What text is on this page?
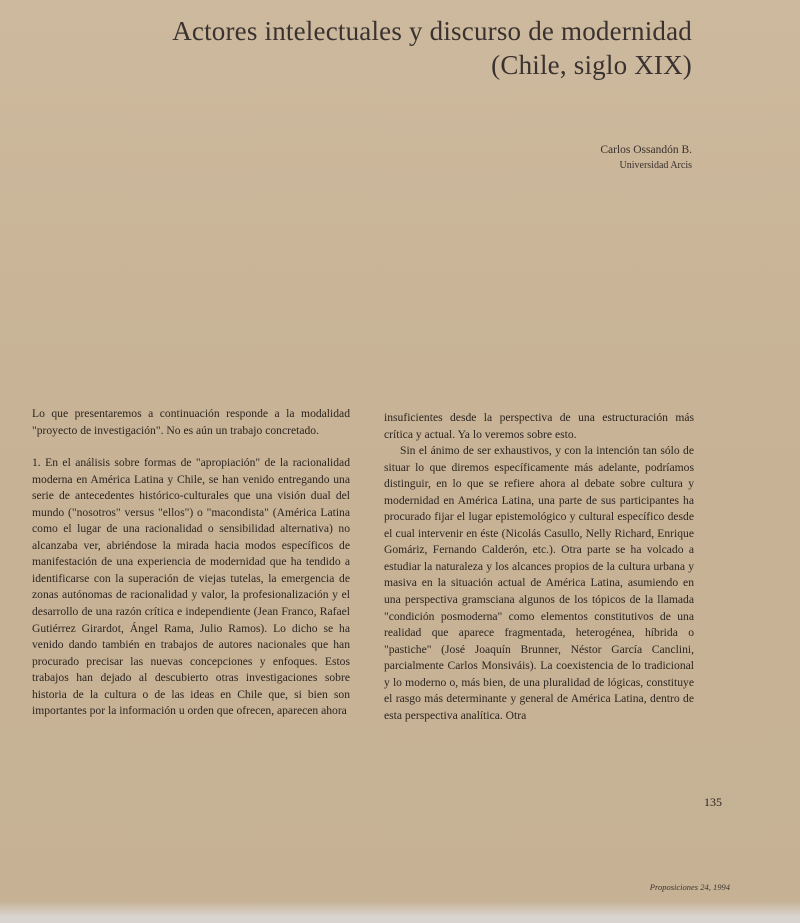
Actores intelectuales y discurso de modernidad
(Chile, siglo XIX)
Carlos Ossandón B.
Universidad Arcis

Lo que presentaremos a continuación responde a la modalidad "proyecto de investigación". No es aún un trabajo concretado.

1. En el análisis sobre formas de "apropiación" de la racionalidad moderna en América Latina y Chile, se han venido entregando una serie de antecedentes histórico-culturales que una visión dual del mundo ("nosotros" versus "ellos") o "macondista" (América Latina como el lugar de una racionalidad o sensibilidad alternativa) no alcanzaba ver, abriéndose la mirada hacia modos específicos de manifestación de una experiencia de modernidad que ha tendido a identificarse con la superación de viejas tutelas, la emergencia de zonas autónomas de racionalidad y valor, la profesionalización y el desarrollo de una razón crítica e independiente (Jean Franco, Rafael Gutiérrez Girardot, Ángel Rama, Julio Ramos). Lo dicho se ha venido dando también en trabajos de autores nacionales que han procurado precisar las nuevas concepciones y enfoques. Estos trabajos han dejado al descubierto otras investigaciones sobre historia de la cultura o de las ideas en Chile que, si bien son importantes por la información u orden que ofrecen, aparecen ahora

insuficientes desde la perspectiva de una estructuración más crítica y actual. Ya lo veremos sobre esto.

Sin el ánimo de ser exhaustivos, y con la intención tan sólo de situar lo que diremos específicamente más adelante, podríamos distinguir, en lo que se refiere ahora al debate sobre cultura y modernidad en América Latina, una parte de sus participantes ha procurado fijar el lugar epistemológico y cultural específico desde el cual intervenir en éste (Nicolás Casullo, Nelly Richard, Enrique Gomáriz, Fernando Calderón, etc.). Otra parte se ha volcado a estudiar la naturaleza y los alcances propios de la cultura urbana y masiva en la situación actual de América Latina, asumiendo en una perspectiva gramsciana algunos de los tópicos de la llamada "condición posmoderna" como elementos constitutivos de una realidad que aparece fragmentada, heterogénea, híbrida o "pastiche" (José Joaquín Brunner, Néstor García Canclini, parcialmente Carlos Monsiváis). La coexistencia de lo tradicional y lo moderno o, más bien, de una pluralidad de lógicas, constituye el rasgo más determinante y general de América Latina, dentro de esta perspectiva analítica. Otra

135
Proposiciones 24, 1994
